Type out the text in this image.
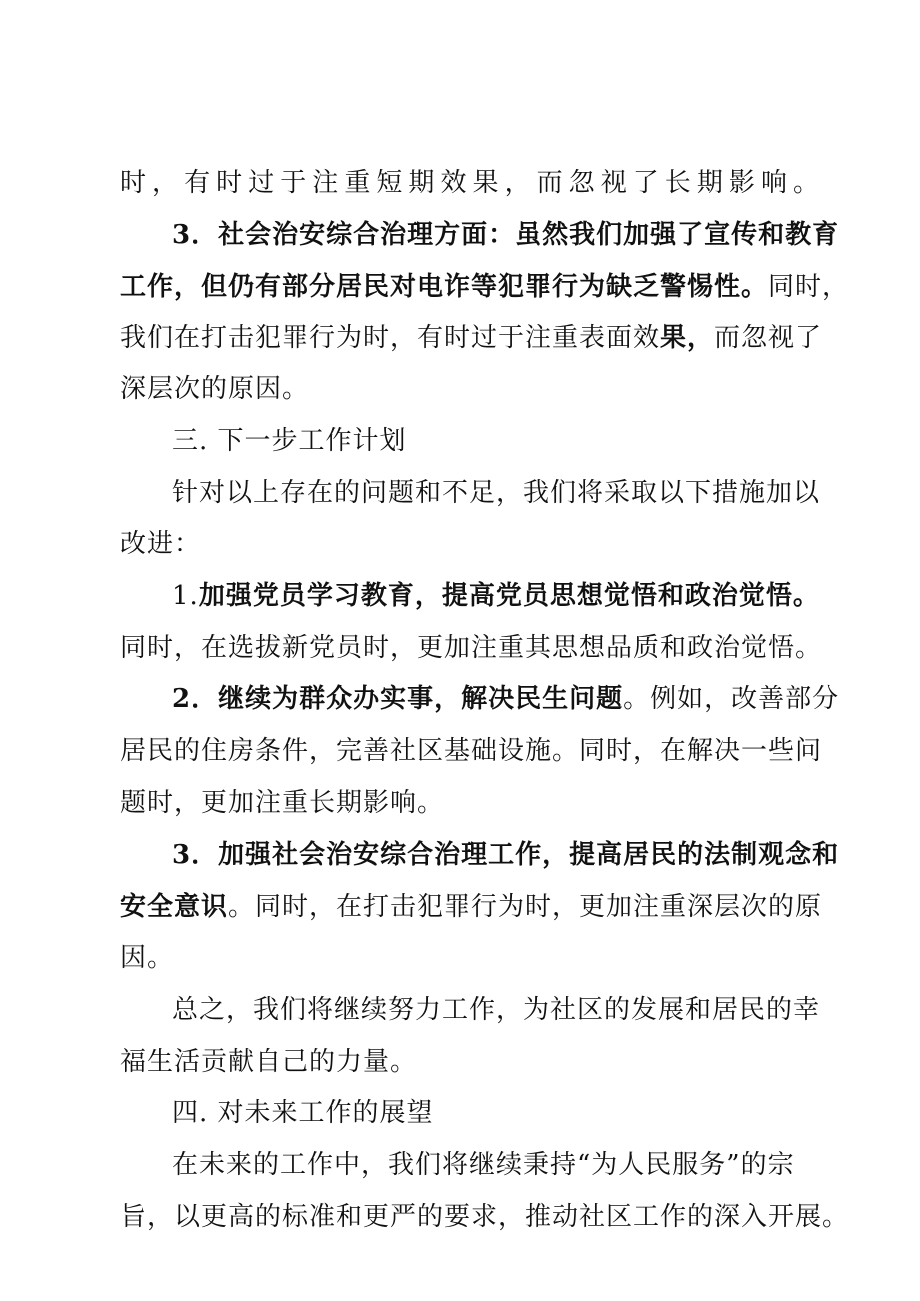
时，有时过于注重短期效果，而忽视了长期影响。
3．社会治安综合治理方面：虽然我们加强了宣传和教育
工作，但仍有部分居民对电诈等犯罪行为缺乏警惕性。同时，
我们在打击犯罪行为时，有时过于注重表面效果，而忽视了
深层次的原因。
三. 下一步工作计划
针对以上存在的问题和不足，我们将采取以下措施加以
改进：
1.加强党员学习教育，提高党员思想觉悟和政治觉悟。
同时，在选拔新党员时，更加注重其思想品质和政治觉悟。
2．继续为群众办实事，解决民生问题。例如，改善部分
居民的住房条件，完善社区基础设施。同时，在解决一些问
题时，更加注重长期影响。
3．加强社会治安综合治理工作，提高居民的法制观念和
安全意识。同时，在打击犯罪行为时，更加注重深层次的原
因。
总之，我们将继续努力工作，为社区的发展和居民的幸
福生活贡献自己的力量。
四. 对未来工作的展望
在未来的工作中，我们将继续秉持“为人民服务”的宗
旨，以更高的标准和更严的要求，推动社区工作的深入开展。
